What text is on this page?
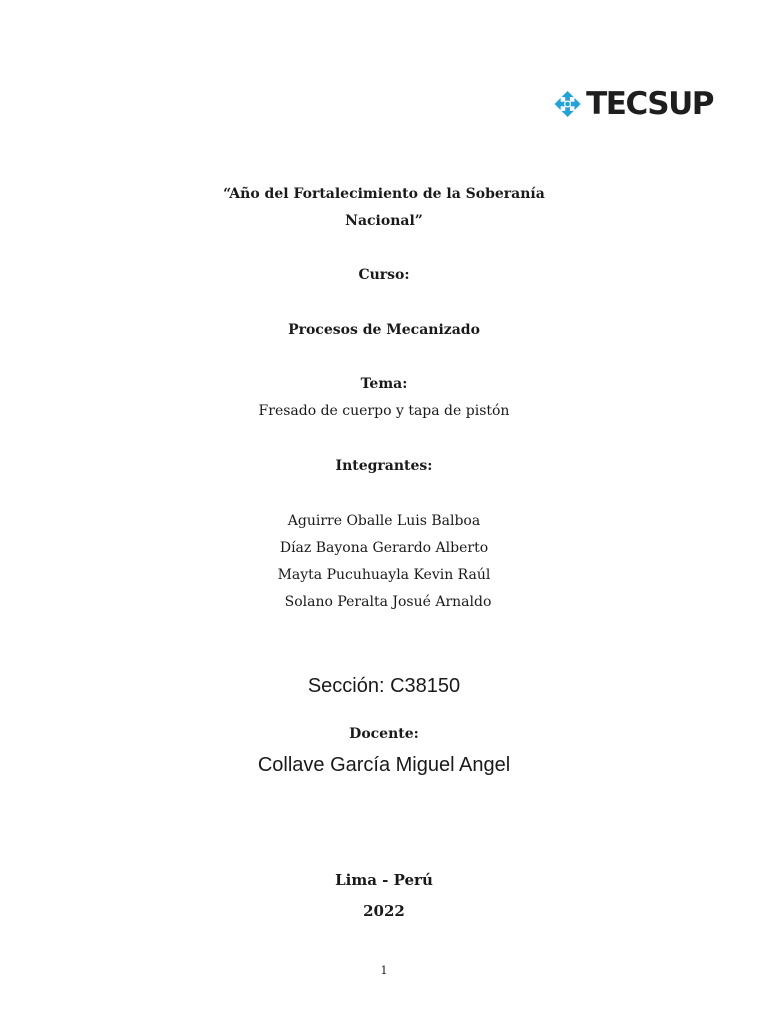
TECSUP
“Año del Fortalecimiento de la Soberanía
Nacional”
Curso:
Procesos de Mecanizado
Tema:
Fresado de cuerpo y tapa de pistón
Integrantes:
Aguirre Oballe Luis Balboa
Díaz Bayona Gerardo Alberto
Mayta Pucuhuayla Kevin Raúl
Solano Peralta Josué Arnaldo
Sección: C38150
Docente:
Collave García Miguel Angel
Lima - Perú
2022
1
